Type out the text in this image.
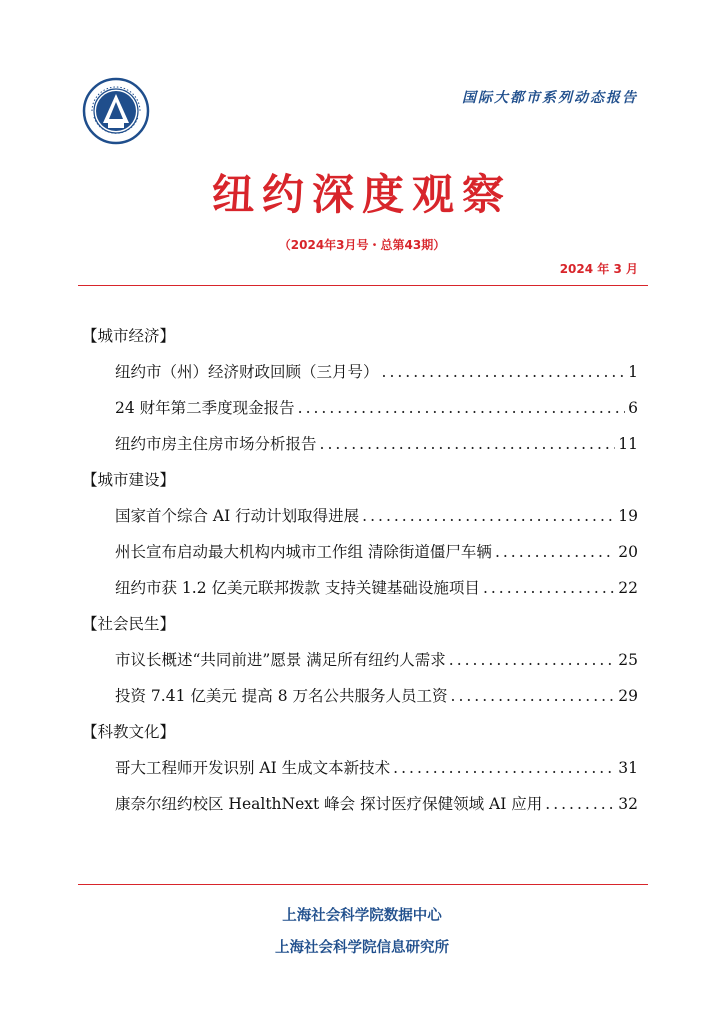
国际大都市系列动态报告
纽约深度观察
（2024年3月号・总第43期）
2024 年 3 月
【城市经济】
纽约市（州）经济财政回顾（三月号） .....	1
24 财年第二季度现金报告 .....	6
纽约市房主住房市场分析报告 .....	11
【城市建设】
国家首个综合 AI 行动计划取得进展 .....	19
州长宣布启动最大机构内城市工作组 清除街道僵尸车辆 .....	20
纽约市获 1.2 亿美元联邦拨款 支持关键基础设施项目 .....	22
【社会民生】
市议长概述“共同前进”愿景 满足所有纽约人需求 .....	25
投资 7.41 亿美元 提高 8 万名公共服务人员工资 .....	29
【科教文化】
哥大工程师开发识别 AI 生成文本新技术 .....	31
康奈尔纽约校区 HealthNext 峰会 探讨医疗保健领域 AI 应用 .....	32
上海社会科学院数据中心
上海社会科学院信息研究所
